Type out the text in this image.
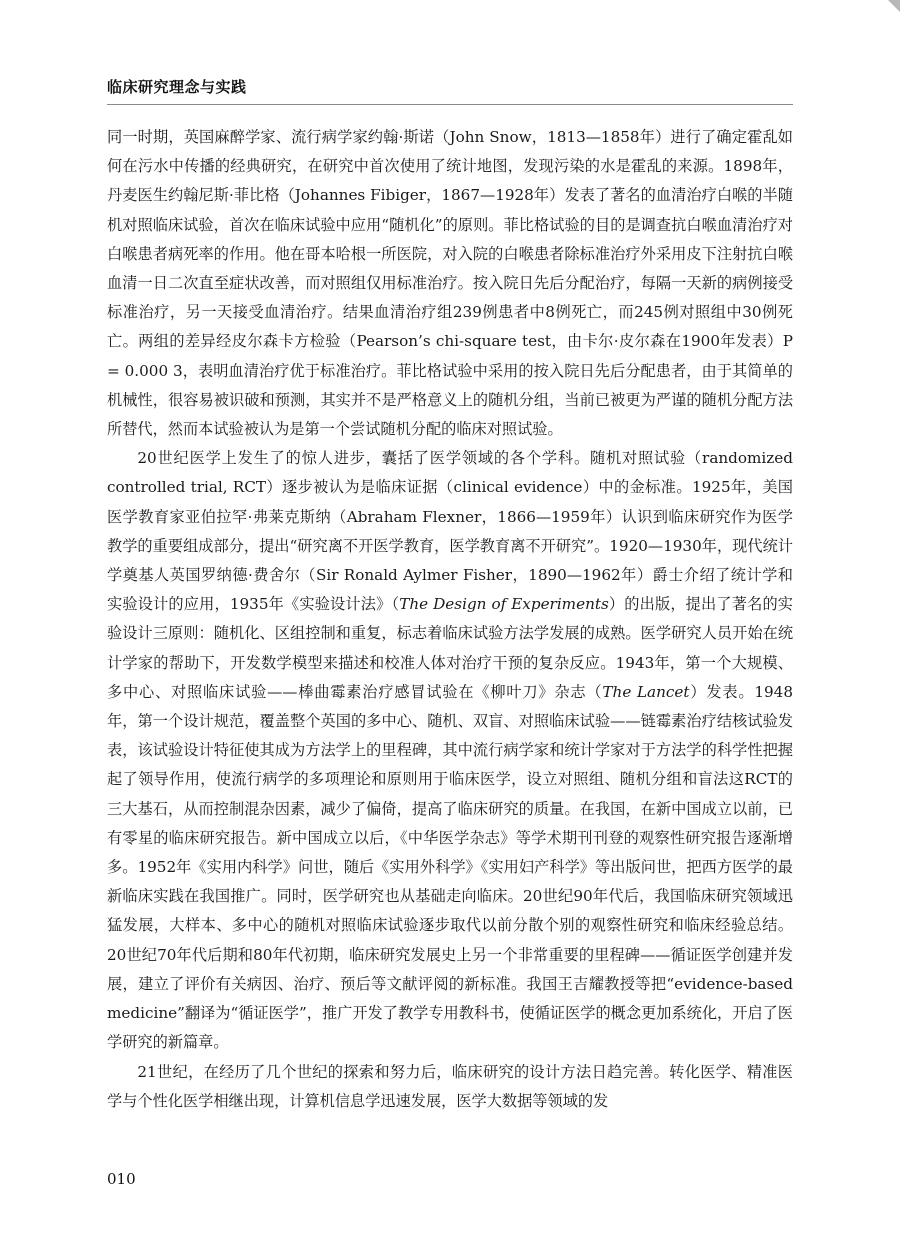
临床研究理念与实践

同一时期，英国麻醉学家、流行病学家约翰·斯诺（John Snow，1813—1858年）进行了确定霍乱如何在污水中传播的经典研究，在研究中首次使用了统计地图，发现污染的水是霍乱的来源。1898年，丹麦医生约翰尼斯·菲比格（Johannes Fibiger，1867—1928年）发表了著名的血清治疗白喉的半随机对照临床试验，首次在临床试验中应用“随机化”的原则。菲比格试验的目的是调查抗白喉血清治疗对白喉患者病死率的作用。他在哥本哈根一所医院，对入院的白喉患者除标准治疗外采用皮下注射抗白喉血清一日二次直至症状改善，而对照组仅用标准治疗。按入院日先后分配治疗，每隔一天新的病例接受标准治疗，另一天接受血清治疗。结果血清治疗组239例患者中8例死亡，而245例对照组中30例死亡。两组的差异经皮尔森卡方检验（Pearson’s chi-square test，由卡尔·皮尔森在1900年发表）P = 0.000 3，表明血清治疗优于标准治疗。菲比格试验中采用的按入院日先后分配患者，由于其简单的机械性，很容易被识破和预测，其实并不是严格意义上的随机分组，当前已被更为严谨的随机分配方法所替代，然而本试验被认为是第一个尝试随机分配的临床对照试验。

20世纪医学上发生了的惊人进步，囊括了医学领域的各个学科。随机对照试验（randomized controlled trial, RCT）逐步被认为是临床证据（clinical evidence）中的金标准。1925年，美国医学教育家亚伯拉罕·弗莱克斯纳（Abraham Flexner，1866—1959年）认识到临床研究作为医学教学的重要组成部分，提出“研究离不开医学教育，医学教育离不开研究”。1920—1930年，现代统计学奠基人英国罗纳德·费舍尔（Sir Ronald Aylmer Fisher，1890—1962年）爵士介绍了统计学和实验设计的应用，1935年《实验设计法》（The Design of Experiments）的出版，提出了著名的实验设计三原则：随机化、区组控制和重复，标志着临床试验方法学发展的成熟。医学研究人员开始在统计学家的帮助下，开发数学模型来描述和校准人体对治疗干预的复杂反应。1943年，第一个大规模、多中心、对照临床试验——棒曲霉素治疗感冒试验在《柳叶刀》杂志（The Lancet）发表。1948年，第一个设计规范，覆盖整个英国的多中心、随机、双盲、对照临床试验——链霉素治疗结核试验发表，该试验设计特征使其成为方法学上的里程碑，其中流行病学家和统计学家对于方法学的科学性把握起了领导作用，使流行病学的多项理论和原则用于临床医学，设立对照组、随机分组和盲法这RCT的三大基石，从而控制混杂因素，减少了偏倚，提高了临床研究的质量。在我国，在新中国成立以前，已有零星的临床研究报告。新中国成立以后，《中华医学杂志》等学术期刊刊登的观察性研究报告逐渐增多。1952年《实用内科学》问世，随后《实用外科学》《实用妇产科学》等出版问世，把西方医学的最新临床实践在我国推广。同时，医学研究也从基础走向临床。20世纪90年代后，我国临床研究领域迅猛发展，大样本、多中心的随机对照临床试验逐步取代以前分散个别的观察性研究和临床经验总结。20世纪70年代后期和80年代初期，临床研究发展史上另一个非常重要的里程碑——循证医学创建并发展，建立了评价有关病因、治疗、预后等文献评阅的新标准。我国王吉耀教授等把“evidence-based medicine”翻译为“循证医学”，推广开发了教学专用教科书，使循证医学的概念更加系统化，开启了医学研究的新篇章。

21世纪，在经历了几个世纪的探索和努力后，临床研究的设计方法日趋完善。转化医学、精准医学与个性化医学相继出现，计算机信息学迅速发展，医学大数据等领域的发

010
